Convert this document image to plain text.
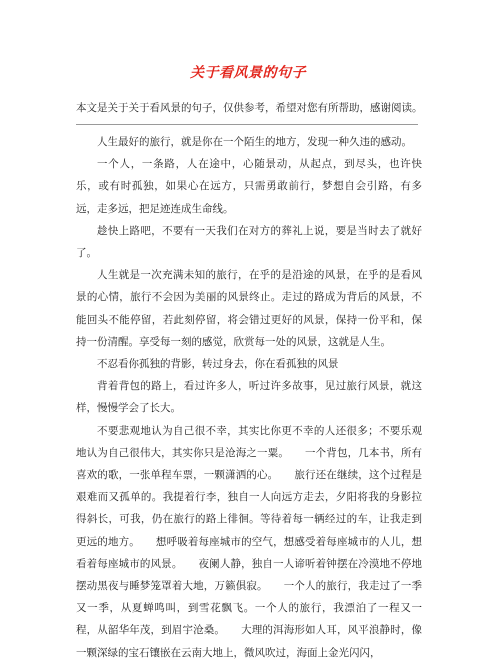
关于看风景的句子
本文是关于关于看风景的句子，仅供参考，希望对您有所帮助，感谢阅读。

人生最好的旅行，就是你在一个陌生的地方，发现一种久违的感动。

一个人，一条路，人在途中，心随景动，从起点，到尽头，也许快乐，或有时孤独，如果心在远方，只需勇敢前行，梦想自会引路，有多远，走多远，把足迹连成生命线。

趁快上路吧，不要有一天我们在对方的葬礼上说，要是当时去了就好了。

人生就是一次充满未知的旅行，在乎的是沿途的风景，在乎的是看风景的心情，旅行不会因为美丽的风景终止。走过的路成为背后的风景，不能回头不能停留，若此刻停留，将会错过更好的风景，保持一份平和，保持一份清醒。享受每一刻的感觉，欣赏每一处的风景，这就是人生。

不忍看你孤独的背影，转过身去，你在看孤独的风景

背着背包的路上，看过许多人，听过许多故事，见过旅行风景，就这样，慢慢学会了长大。

不要悲观地认为自己很不幸，其实比你更不幸的人还很多；不要乐观地认为自己很伟大，其实你只是沧海之一粟。　　一个背包，几本书，所有喜欢的歌，一张单程车票，一颗潇洒的心。　　旅行还在继续，这个过程是艰难而又孤单的。我提着行李，独自一人向远方走去，夕阳将我的身影拉得斜长，可我，仍在旅行的路上徘徊。等待着每一辆经过的车，让我走到更远的地方。　　想呼吸着每座城市的空气，想感受着每座城市的人儿，想看着每座城市的风景。　　夜阑人静，独自一人谛听着钟摆在冷漠地不停地摆动黑夜与睡梦笼罩着大地，万籁俱寂。　　一个人的旅行，我走过了一季又一季，从夏蝉鸣叫，到雪花飘飞。一个人的旅行，我漂泊了一程又一程，从韶华年茂，到眉宇沧桑。　　大理的洱海形如人耳，风平浪静时，像一颗深绿的宝石镶嵌在云南大地上，微风吹过，海面上金光闪闪，
